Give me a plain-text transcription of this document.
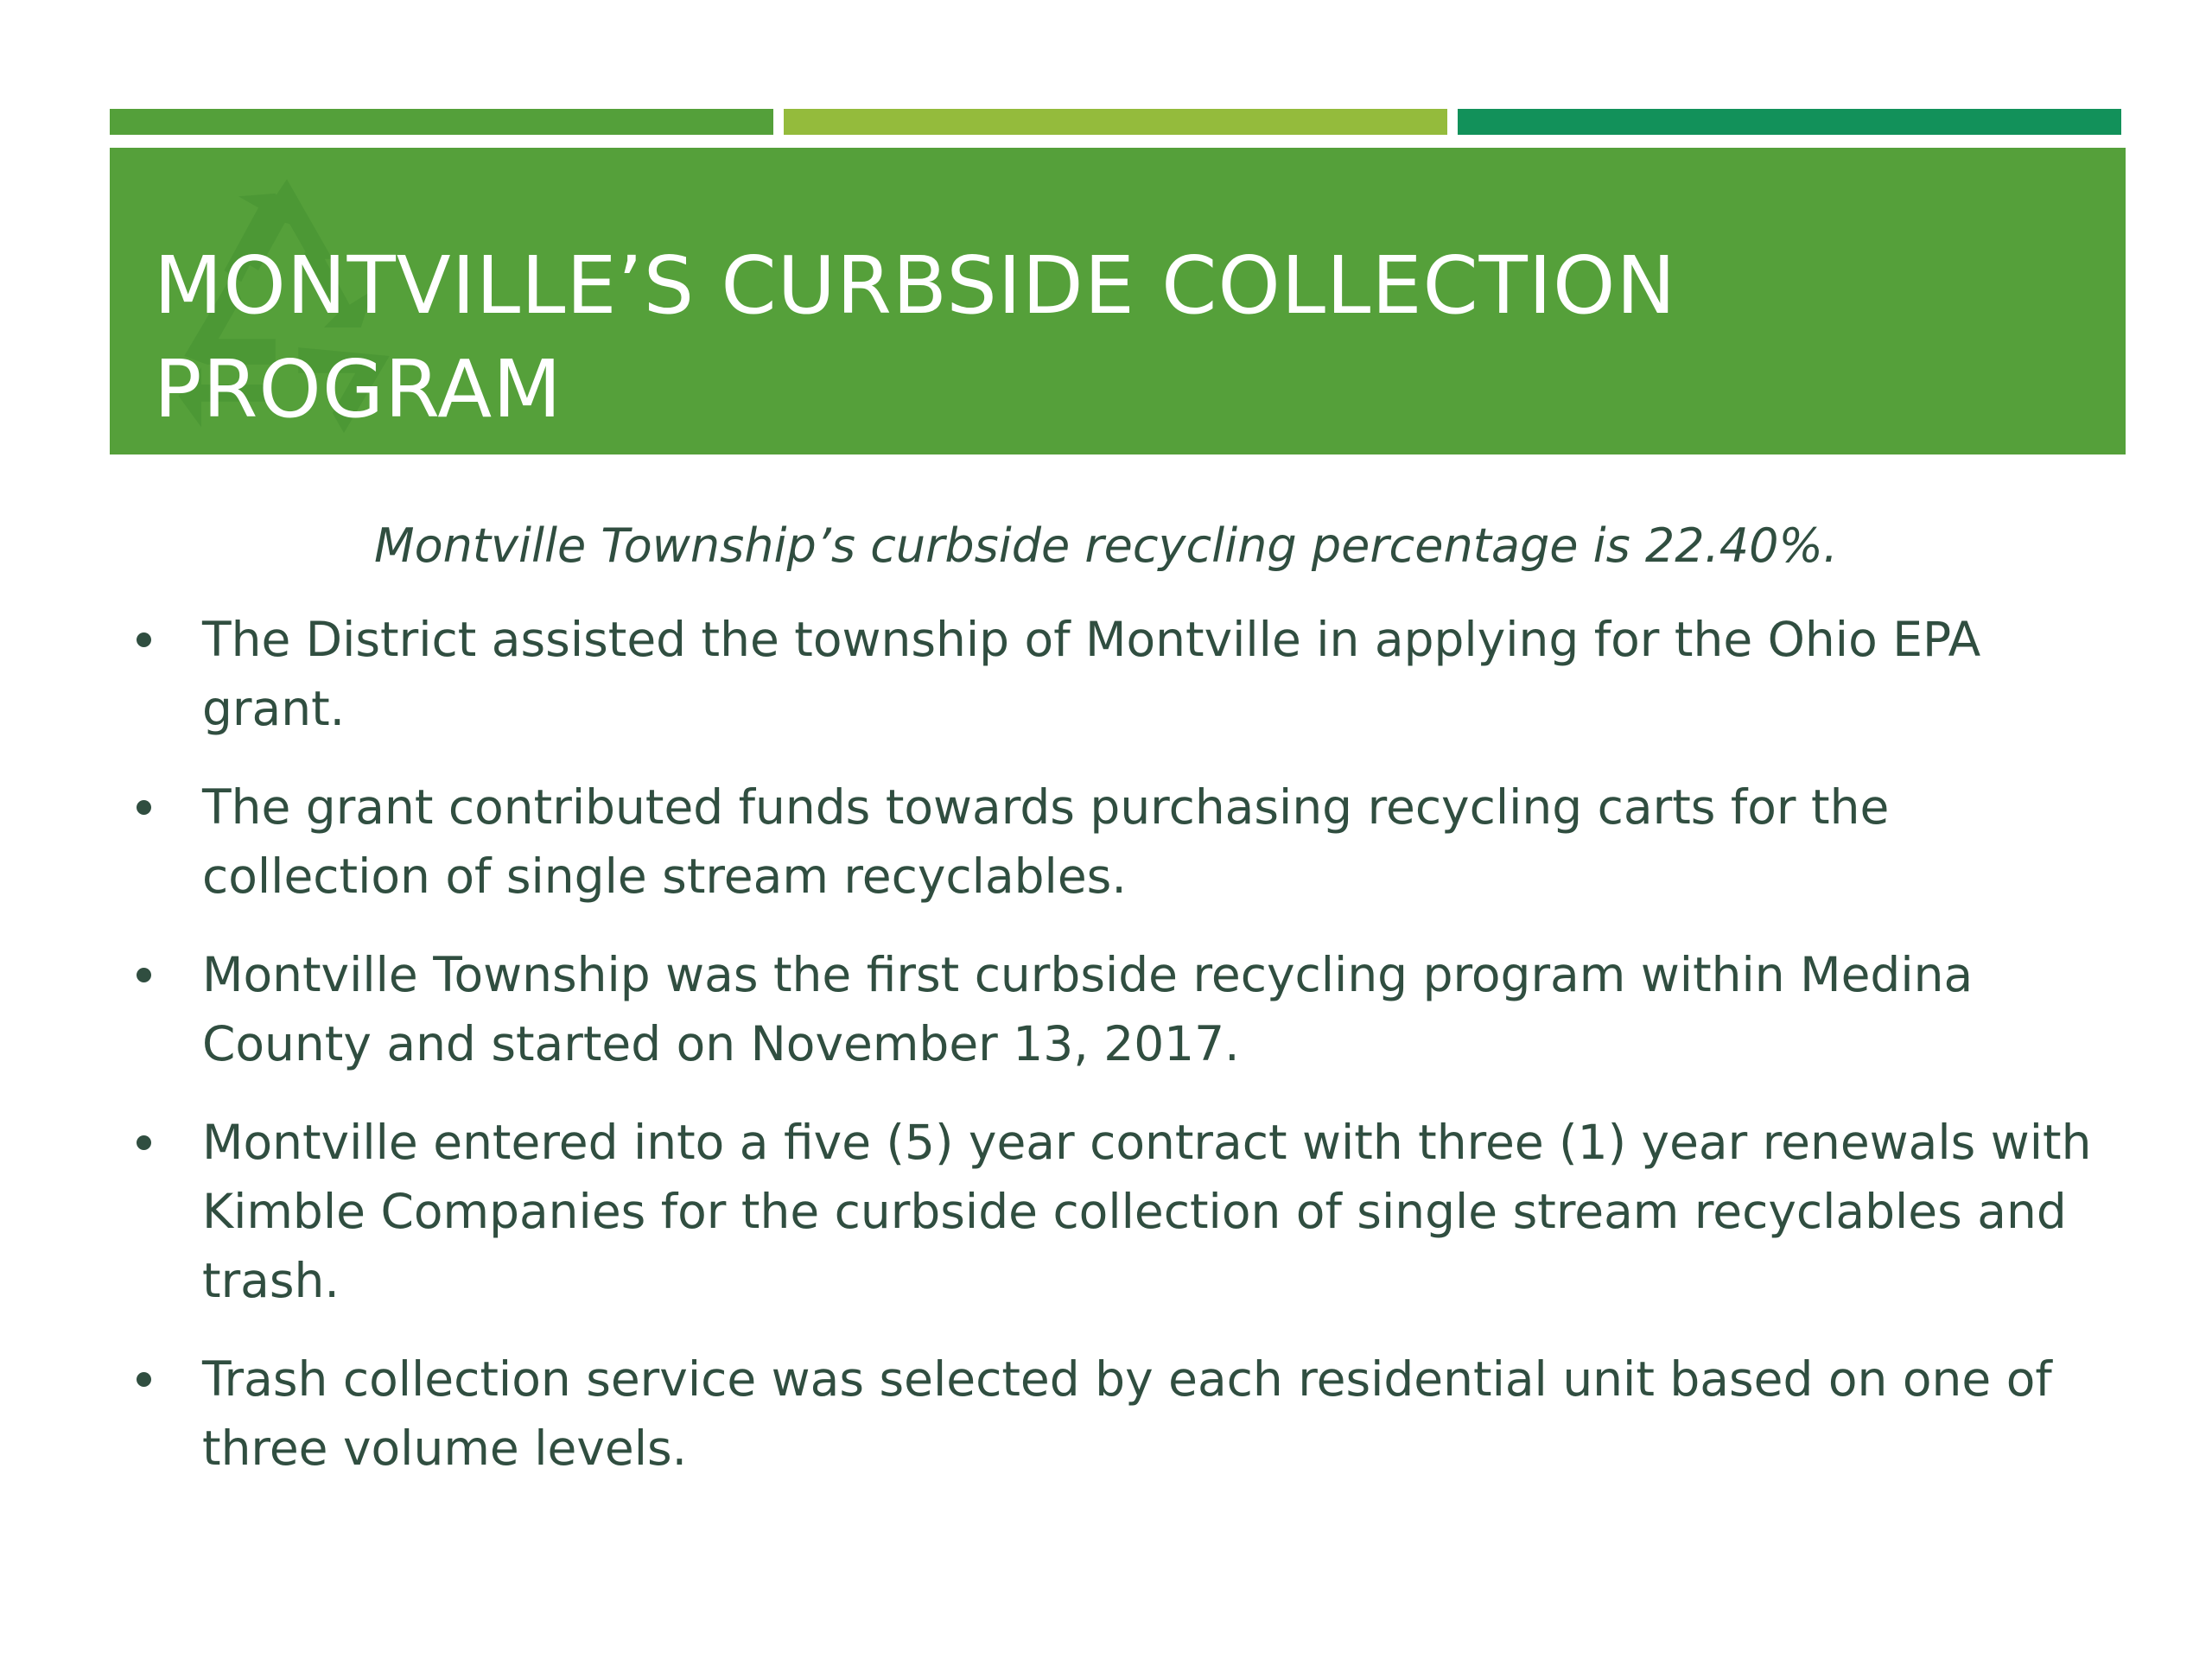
MONTVILLE’S CURBSIDE COLLECTION
PROGRAM

Montville Township’s curbside recycling percentage is 22.40%.

The District assisted the township of Montville in applying for the Ohio EPA grant.
The grant contributed funds towards purchasing recycling carts for the collection of single stream recyclables.
Montville Township was the first curbside recycling program within Medina County and started on November 13, 2017.
Montville entered into a five (5) year contract with three (1) year renewals with Kimble Companies for the curbside collection of single stream recyclables and trash.
Trash collection service was selected by each residential unit based on one of three volume levels.
